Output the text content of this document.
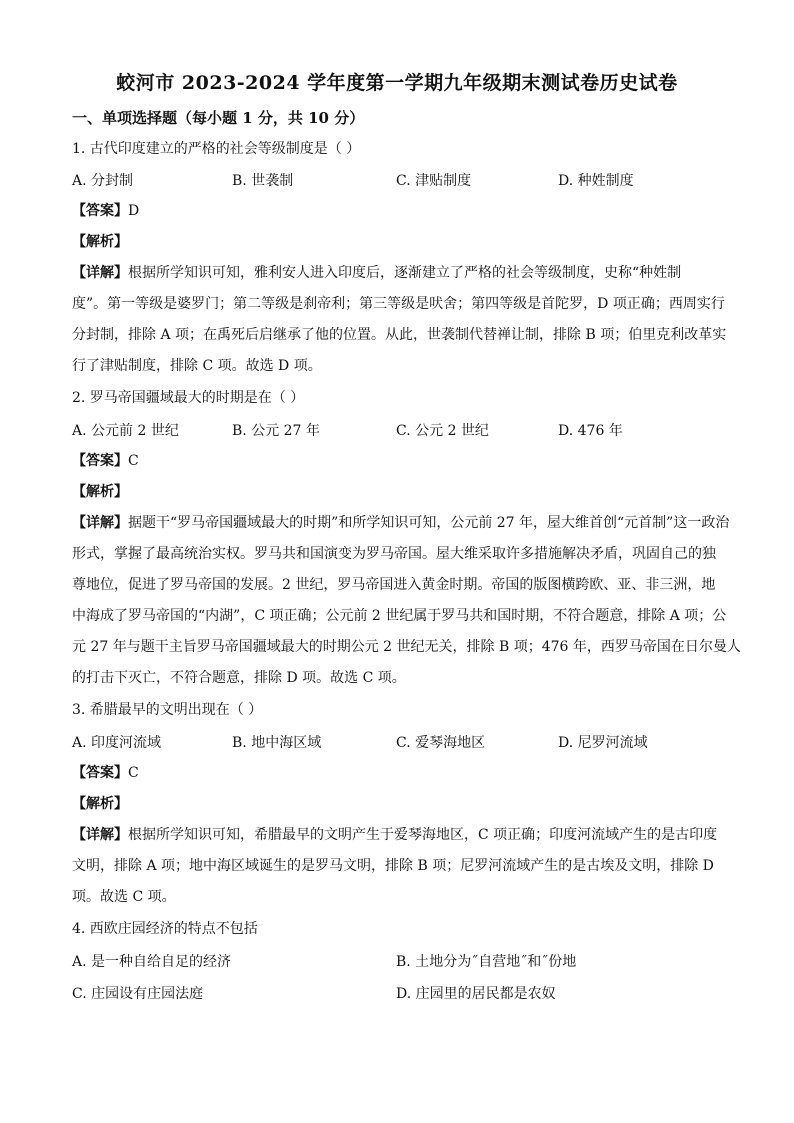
蛟河市 2023-2024 学年度第一学期九年级期末测试卷历史试卷
一、单项选择题（每小题 1 分，共 10 分）
1. 古代印度建立的严格的社会等级制度是（ ）
A. 分封制	B. 世袭制	C. 津贴制度	D. 种姓制度
【答案】D
【解析】
【详解】根据所学知识可知，雅利安人进入印度后，逐渐建立了严格的社会等级制度，史称“种姓制
度”。第一等级是婆罗门；第二等级是刹帝利；第三等级是吠舍；第四等级是首陀罗，D 项正确；西周实行
分封制，排除 A 项；在禹死后启继承了他的位置。从此，世袭制代替禅让制，排除 B 项；伯里克利改革实
行了津贴制度，排除 C 项。故选 D 项。
2. 罗马帝国疆域最大的时期是在（ ）
A. 公元前 2 世纪	B. 公元 27 年	C. 公元 2 世纪	D. 476 年
【答案】C
【解析】
【详解】据题干“罗马帝国疆域最大的时期”和所学知识可知，公元前 27 年，屋大维首创“元首制”这一政治
形式，掌握了最高统治实权。罗马共和国演变为罗马帝国。屋大维采取许多措施解决矛盾，巩固自己的独
尊地位，促进了罗马帝国的发展。2 世纪，罗马帝国进入黄金时期。帝国的版图横跨欧、亚、非三洲，地
中海成了罗马帝国的“内湖”，C 项正确；公元前 2 世纪属于罗马共和国时期，不符合题意，排除 A 项；公
元 27 年与题干主旨罗马帝国疆域最大的时期公元 2 世纪无关，排除 B 项；476 年，西罗马帝国在日尔曼人
的打击下灭亡，不符合题意，排除 D 项。故选 C 项。
3. 希腊最早的文明出现在（ ）
A. 印度河流域	B. 地中海区域	C. 爱琴海地区	D. 尼罗河流域
【答案】C
【解析】
【详解】根据所学知识可知，希腊最早的文明产生于爱琴海地区，C 项正确；印度河流域产生的是古印度
文明，排除 A 项；地中海区域诞生的是罗马文明，排除 B 项；尼罗河流域产生的是古埃及文明，排除 D
项。故选 C 项。
4. 西欧庄园经济的特点不包括
A. 是一种自给自足的经济	B. 土地分为˝自营地˝和˝份地
C. 庄园设有庄园法庭	D. 庄园里的居民都是农奴
